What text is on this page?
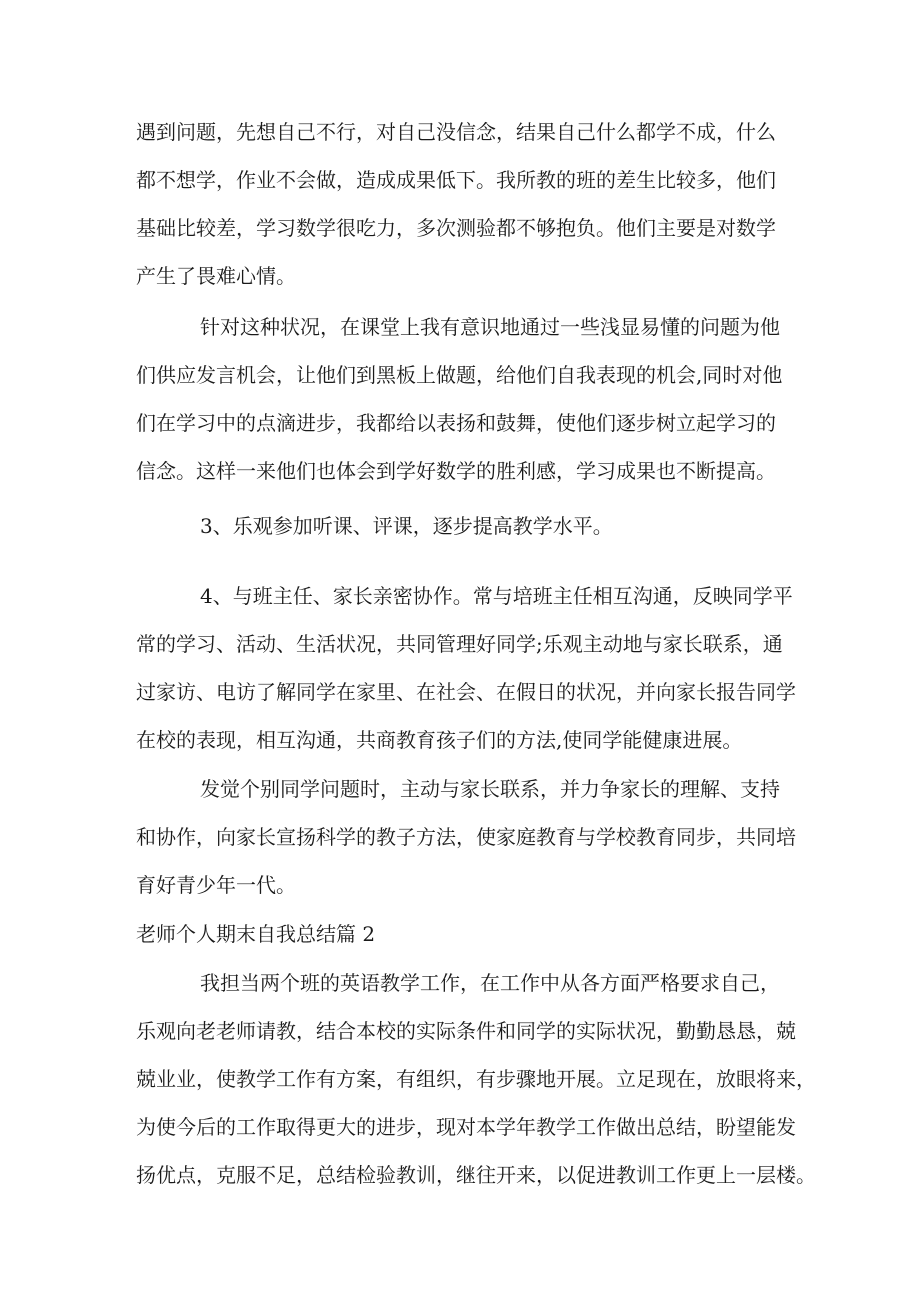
遇到问题，先想自己不行，对自己没信念，结果自己什么都学不成，什么
都不想学，作业不会做，造成成果低下。我所教的班的差生比较多，他们
基础比较差，学习数学很吃力，多次测验都不够抱负。他们主要是对数学
产生了畏难心情。
针对这种状况，在课堂上我有意识地通过一些浅显易懂的问题为他
们供应发言机会，让他们到黑板上做题，给他们自我表现的机会,同时对他
们在学习中的点滴进步，我都给以表扬和鼓舞，使他们逐步树立起学习的
信念。这样一来他们也体会到学好数学的胜利感，学习成果也不断提高。
3、乐观参加听课、评课，逐步提高教学水平。
4、与班主任、家长亲密协作。常与培班主任相互沟通，反映同学平
常的学习、活动、生活状况，共同管理好同学;乐观主动地与家长联系，通
过家访、电访了解同学在家里、在社会、在假日的状况，并向家长报告同学
在校的表现，相互沟通，共商教育孩子们的方法,使同学能健康进展。
发觉个别同学问题时，主动与家长联系，并力争家长的理解、支持
和协作，向家长宣扬科学的教子方法，使家庭教育与学校教育同步，共同培
育好青少年一代。
老师个人期末自我总结篇 2
我担当两个班的英语教学工作，在工作中从各方面严格要求自己，
乐观向老老师请教，结合本校的实际条件和同学的实际状况，勤勤恳恳，兢
兢业业，使教学工作有方案，有组织，有步骤地开展。立足现在，放眼将来，
为使今后的工作取得更大的进步，现对本学年教学工作做出总结，盼望能发
扬优点，克服不足，总结检验教训，继往开来，以促进教训工作更上一层楼。
